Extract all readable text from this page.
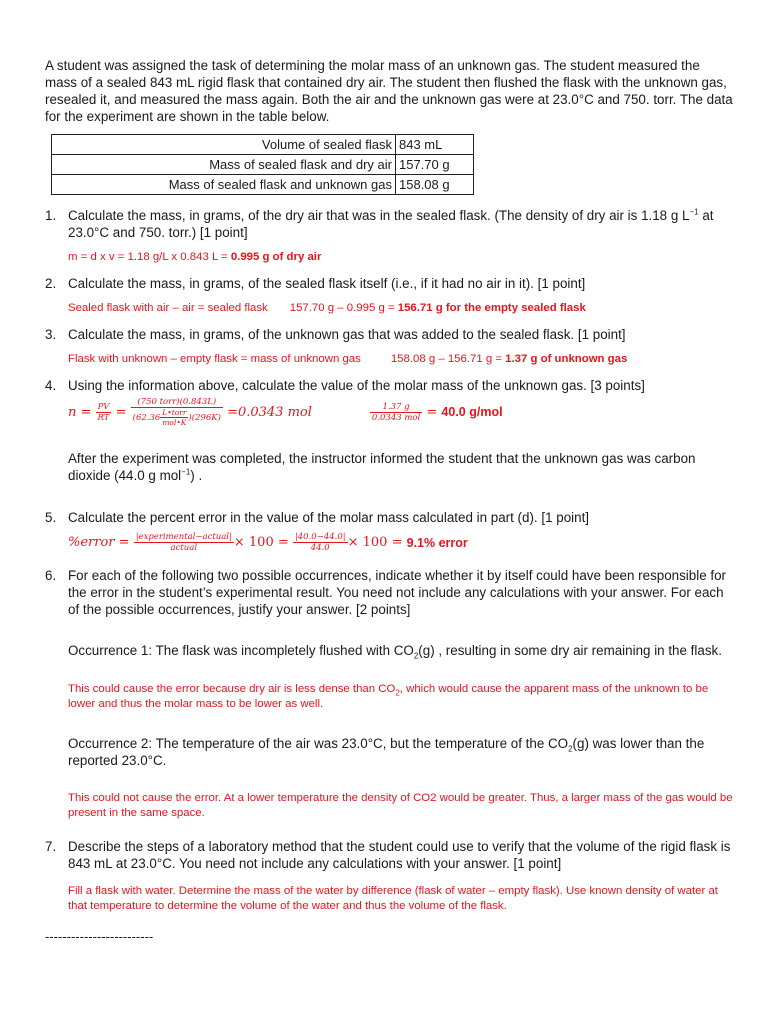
A student was assigned the task of determining the molar mass of an unknown gas. The student measured the mass of a sealed 843 mL rigid flask that contained dry air. The student then flushed the flask with the unknown gas, resealed it, and measured the mass again. Both the air and the unknown gas were at 23.0°C and 750. torr. The data for the experiment are shown in the table below.

Volume of sealed flask	843 mL
Mass of sealed flask and dry air	157.70 g
Mass of sealed flask and unknown gas	158.08 g

1. Calculate the mass, in grams, of the dry air that was in the sealed flask. (The density of dry air is 1.18 g $L^{-1}$ at 23.0°C and 750. torr.) [1 point]

m = d x v = 1.18 g/L x 0.843 L = 0.995 g of dry air

2. Calculate the mass, in grams, of the sealed flask itself (i.e., if it had no air in it). [1 point]

Sealed flask with air – air = sealed flask 157.70 g – 0.995 g = 156.71 g for the empty sealed flask

3. Calculate the mass, in grams, of the unknown gas that was added to the sealed flask. [1 point]

Flask with unknown – empty flask = mass of unknown gas	158.08 g – 156.71 g = 1.37 g of unknown gas

4. Using the information above, calculate the value of the molar mass of the unknown gas. [3 points]

$n = \frac{PV}{RT} = \frac{\text{(750 torr)(0.843L)}}{(62.36 \frac{\text{L•torr}}{\text{mol•K}} )(296K)} = 0.0343$ mol	$\frac{1.37 g}{\text{0.0343 mol}} = 40.0$ g/mol

After the experiment was completed, the instructor informed the student that the unknown gas was carbon dioxide (44.0 g mol$^{-1}$) .

5. Calculate the percent error in the value of the molar mass calculated in part (d). [1 point]

%error = $\frac{\text{|experimental−actual|}}{\text{actual}} \times 100 = \frac{|40.0-44.0|}{44.0} \times 100 = 9.1\%$ error

6. For each of the following two possible occurrences, indicate whether it by itself could have been responsible for the error in the student’s experimental result. You need not include any calculations with your answer. For each of the possible occurrences, justify your answer. [2 points]

Occurrence 1: The flask was incompletely flushed with $CO_2(g)$ , resulting in some dry air remaining in the flask.

This could cause the error because dry air is less dense than $CO_2$, which would cause the apparent mass of the unknown to be lower and thus the molar mass to be lower as well.

Occurrence 2: The temperature of the air was 23.0°C, but the temperature of the $CO_2(g)$ was lower than the reported 23.0°C.

This could not cause the error. At a lower temperature the density of CO2 would be greater. Thus, a larger mass of the gas would be present in the same space.

7. Describe the steps of a laboratory method that the student could use to verify that the volume of the rigid flask is 843 mL at 23.0°C. You need not include any calculations with your answer. [1 point]

Fill a flask with water. Determine the mass of the water by difference (flask of water – empty flask). Use known density of water at that temperature to determine the volume of the water and thus the volume of the flask.

-------------------------
